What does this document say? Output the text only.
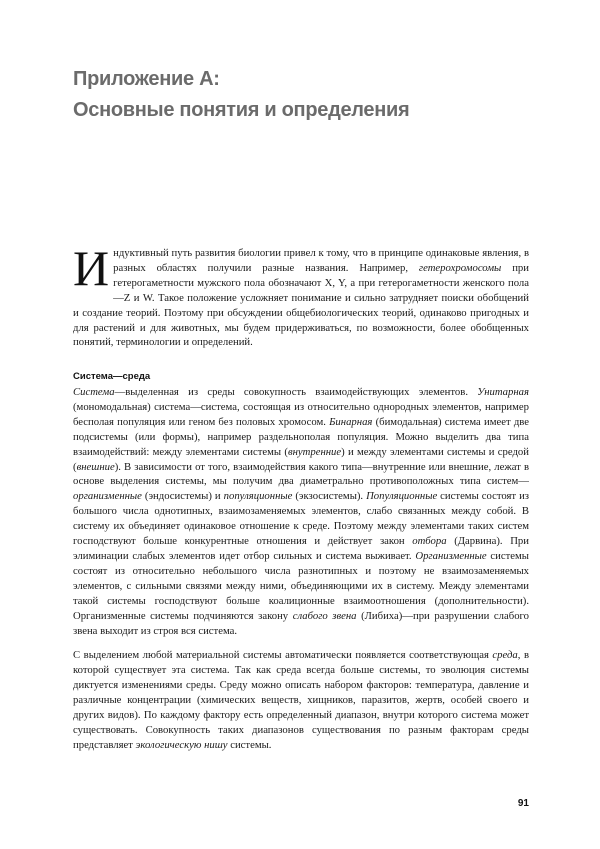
Приложение А:
Основные понятия и определения
Индуктивный путь развития биологии привел к тому, что в принципе одинаковые явления, в разных областях получили разные названия. Например, гетерохромосомы при гетерогаметности мужского пола обозначают X, Y, а при гетерогаметности женского пола—Z и W. Такое положение усложняет понимание и сильно затрудняет поиски обобщений и создание теорий. Поэтому при обсуждении общебиологических теорий, одинаково пригодных и для растений и для животных, мы будем придерживаться, по возможности, более обобщенных понятий, терминологии и определений.
Система—среда

Система—выделенная из среды совокупность взаимодействующих элементов. Унитарная (мономодальная) система—система, состоящая из относительно однородных элементов, например бесполая популяция или геном без половых хромосом. Бинарная (бимодальная) система имеет две подсистемы (или формы), например раздельнополая популяция. Можно выделить два типа взаимодействий: между элементами системы (внутренние) и между элементами системы и средой (внешние). В зависимости от того, взаимодействия какого типа—внутренние или внешние, лежат в основе выделения системы, мы получим два диаметрально противоположных типа систем—организменные (эндосистемы) и популяционные (экзосистемы). Популяционные системы состоят из большого числа однотипных, взаимозаменяемых элементов, слабо связанных между собой. В систему их объединяет одинаковое отношение к среде. Поэтому между элементами таких систем господствуют больше конкурентные отношения и действует закон отбора (Дарвина). При элиминации слабых элементов идет отбор сильных и система выживает. Организменные системы состоят из относительно небольшого числа разнотипных и поэтому не взаимозаменяемых элементов, с сильными связями между ними, объединяющими их в систему. Между элементами такой системы господствуют больше коалиционные взаимоотношения (дополнительности). Организменные системы подчиняются закону слабого звена (Либиха)—при разрушении слабого звена выходит из строя вся система.

С выделением любой материальной системы автоматически появляется соответствующая среда, в которой существует эта система. Так как среда всегда больше системы, то эволюция системы диктуется изменениями среды. Среду можно описать набором факторов: температура, давление и различные концентрации (химических веществ, хищников, паразитов, жертв, особей своего и других видов). По каждому фактору есть определенный диапазон, внутри которого система может существовать. Совокупность таких диапазонов существования по разным факторам среды представляет экологическую нишу системы.

91
